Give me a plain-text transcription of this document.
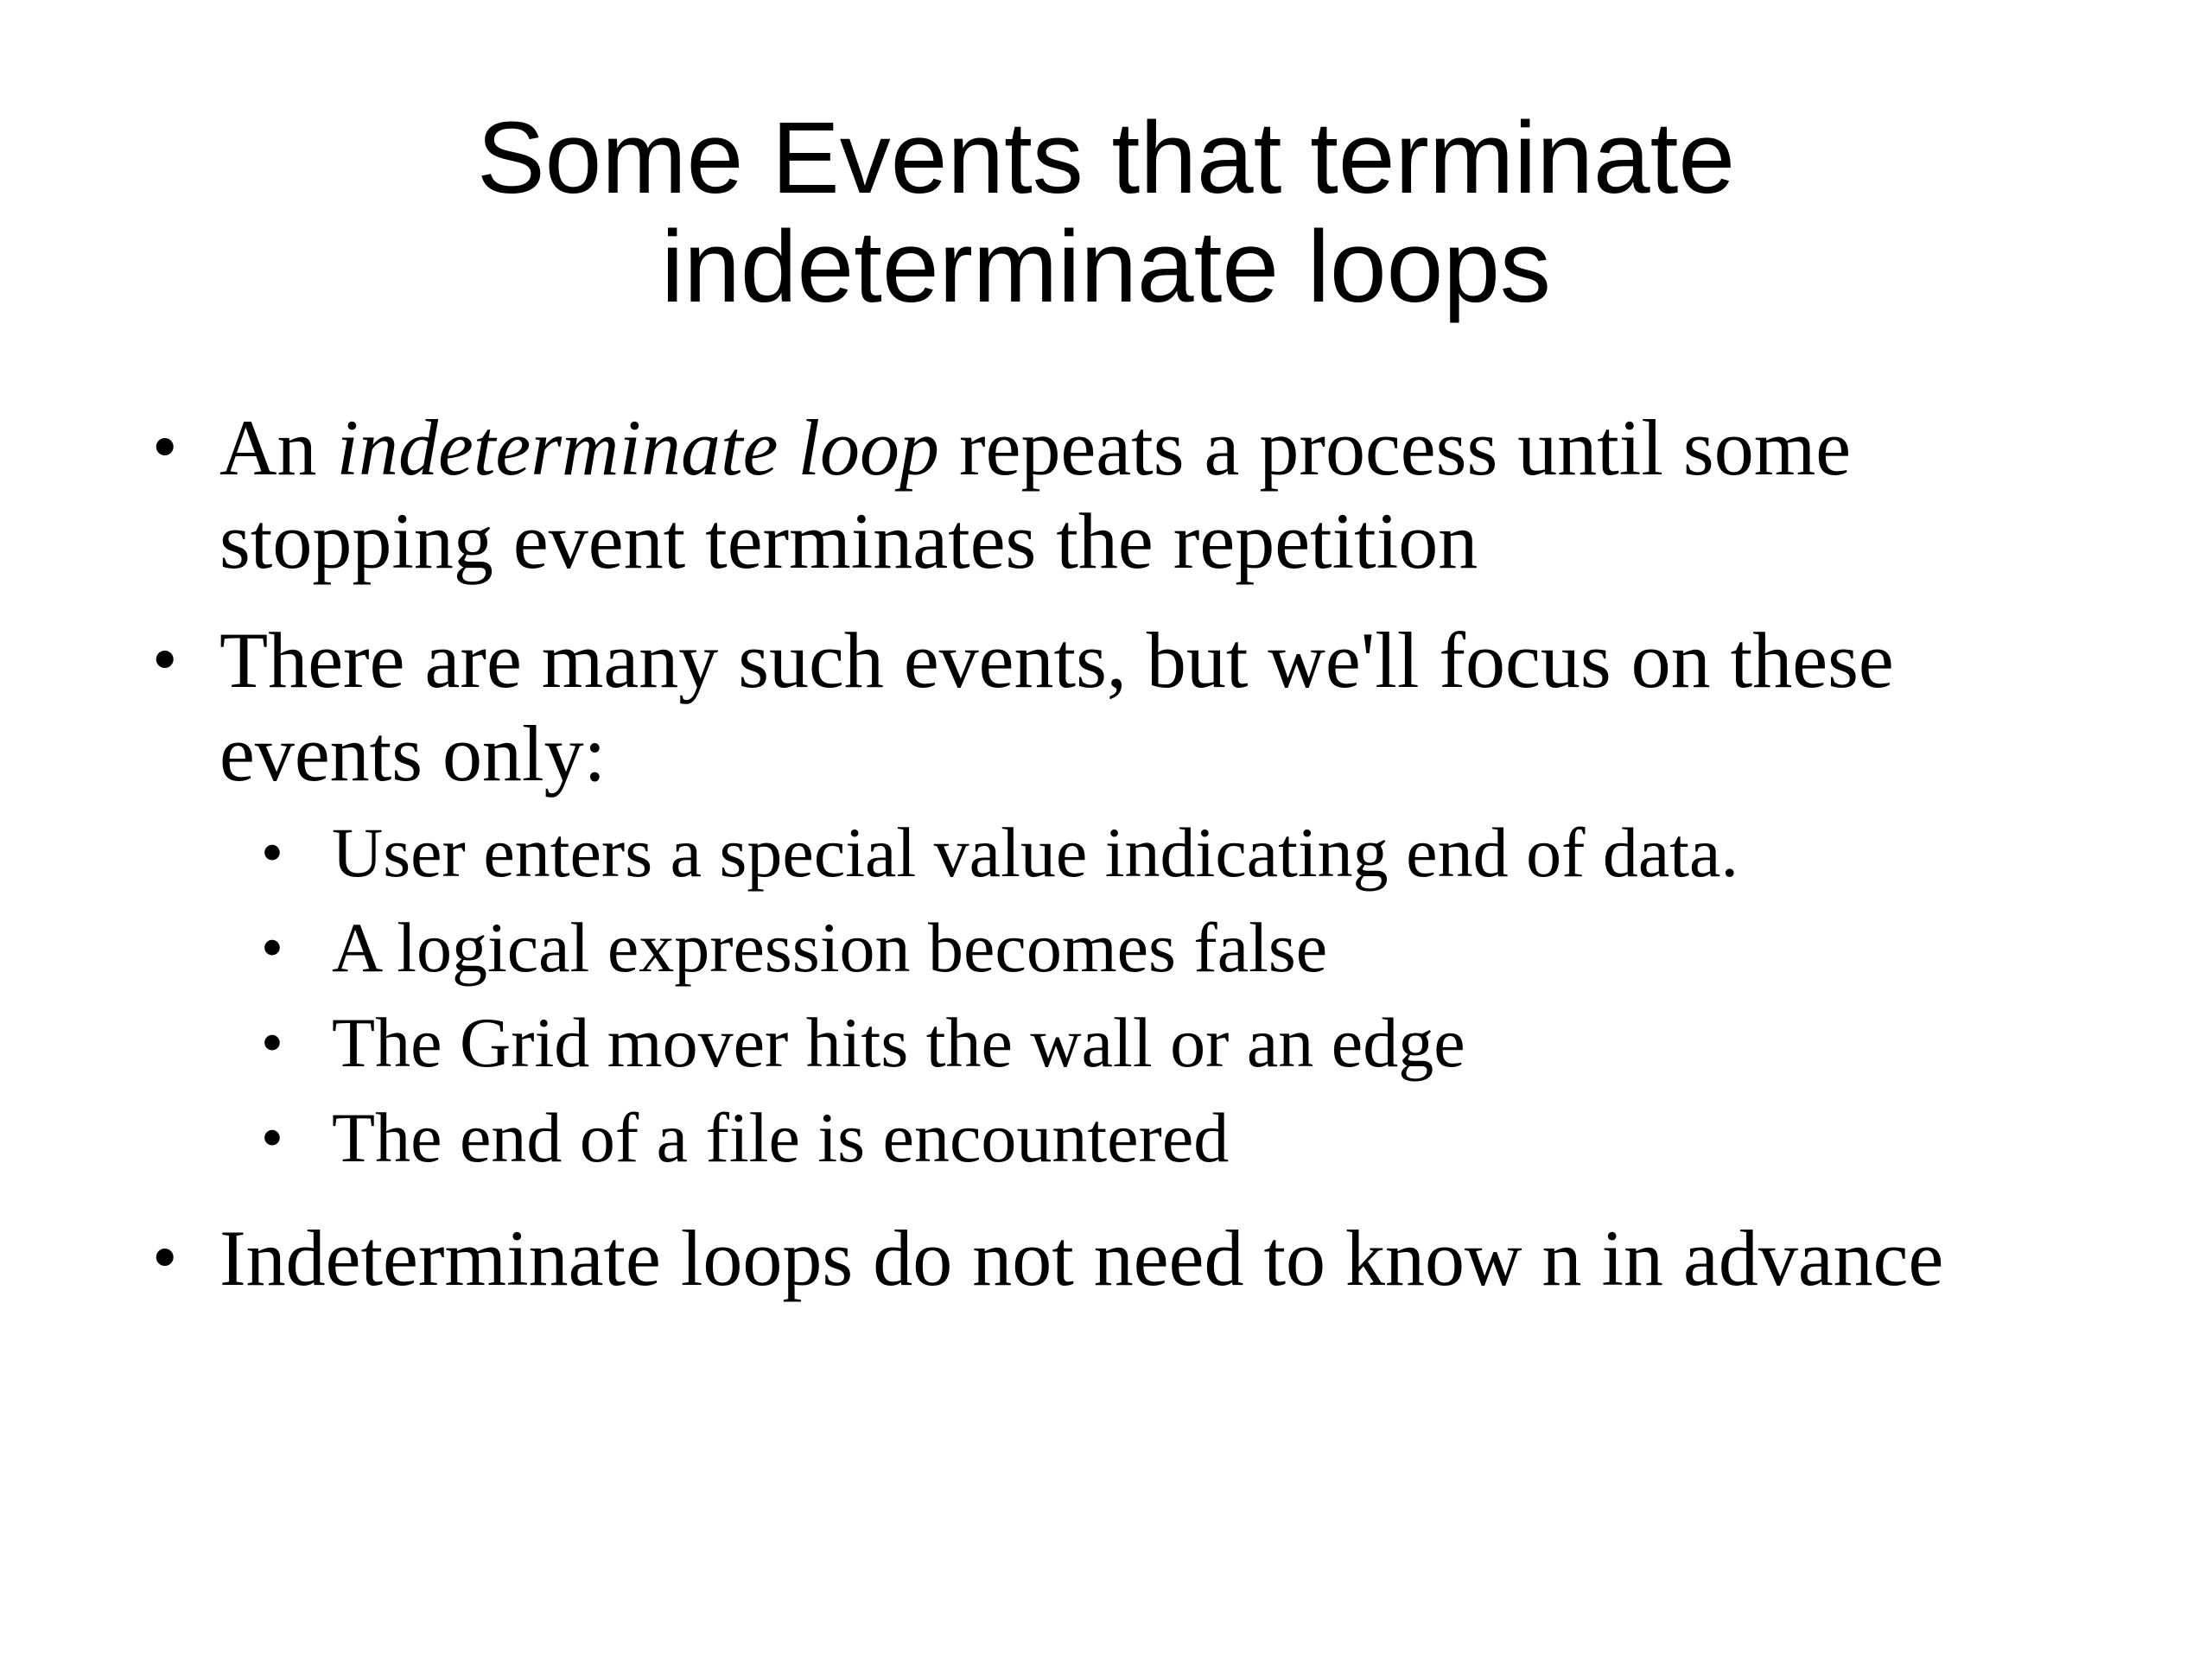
Some Events that terminate
indeterminate loops
• An indeterminate loop repeats a process until some
stopping event terminates the repetition
• There are many such events, but we'll focus on these
events only:
• User enters a special value indicating end of data.
• A logical expression becomes false
• The Grid mover hits the wall or an edge
• The end of a file is encountered
• Indeterminate loops do not need to know n in advance
